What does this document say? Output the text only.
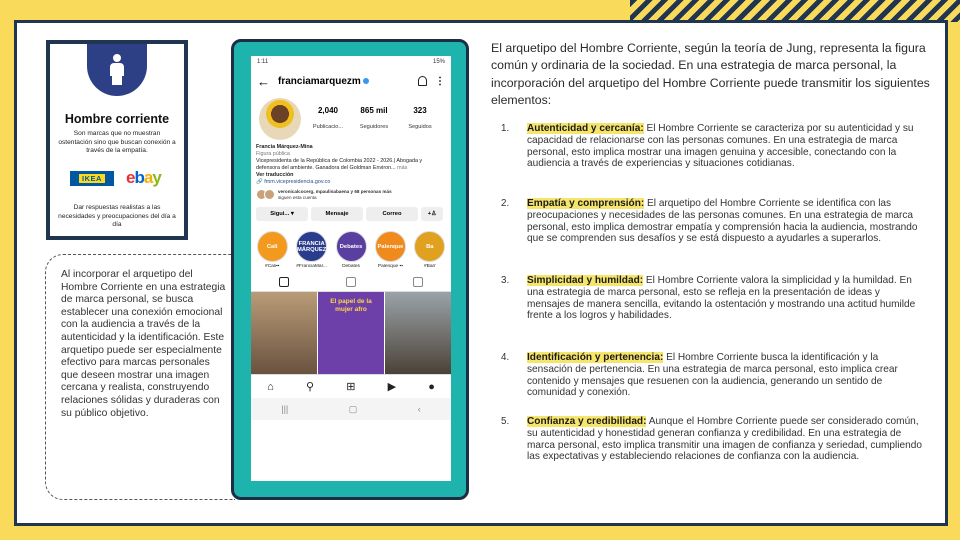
Hombre corriente
Son marcas que no muestran ostentación sino que buscan conexión a través de la empatía.
IKEA ebay
Dar respuestas realistas a las necesidades y preocupaciones del día a día

Al incorporar el arquetipo del Hombre Corriente en una estrategia de marca personal, se busca establecer una conexión emocional con la audiencia a través de la autenticidad y la identificación. Este arquetipo puede ser especialmente efectivo para marcas personales que deseen mostrar una imagen cercana y realista, construyendo relaciones sólidas y duraderas con su público objetivo.

1:11	15%
← franciamarquezm	⋮
2,040
Publicacio...
865 mil
Seguidores
323
Seguidos
Francia Márquez-Mina
Figura pública
Vicepresidenta de la República de Colombia 2022 - 2026.| Abogada y defensora del ambiente. Ganadora del Goldman Environ... más
Ver traducción
🔗 fmm.vicepresidencia.gov.co
veronicalcocerg, mpaulinabaena y 68 personas más
siguen esta cuenta
Sigui... ▾	Mensaje	Correo	+♙
Cali
#Cali▪▪
FRANCIA MÁRQUEZ
#FranciaMár...
Debates
Debates
Palenque
Palenque ▪▪
Ba
#Barr
El papel de la mujer afro
⌂	⚲	⊞	▶	●
|||	▢	‹
El arquetipo del Hombre Corriente, según la teoría de Jung, representa la figura común y ordinaria de la sociedad. En una estrategia de marca personal, la incorporación del arquetipo del Hombre Corriente puede transmitir los siguientes elementos:
1.	Autenticidad y cercanía: El Hombre Corriente se caracteriza por su autenticidad y su capacidad de relacionarse con las personas comunes. En una estrategia de marca personal, esto implica mostrar una imagen genuina y accesible, conectando con la audiencia a través de experiencias y situaciones cotidianas.

2.	Empatía y comprensión: El arquetipo del Hombre Corriente se identifica con las preocupaciones y necesidades de las personas comunes. En una estrategia de marca personal, esto implica demostrar empatía y comprensión hacia la audiencia, mostrando que se comprenden sus desafíos y se está dispuesto a ayudarles a superarlos.

3.	Simplicidad y humildad: El Hombre Corriente valora la simplicidad y la humildad. En una estrategia de marca personal, esto se refleja en la presentación de ideas y mensajes de manera sencilla, evitando la ostentación y mostrando una actitud humilde frente a los logros y habilidades.

4.	Identificación y pertenencia: El Hombre Corriente busca la identificación y la sensación de pertenencia. En una estrategia de marca personal, esto implica crear contenido y mensajes que resuenen con la audiencia, generando un sentido de comunidad y conexión.

5.	Confianza y credibilidad: Aunque el Hombre Corriente puede ser considerado común, su autenticidad y honestidad generan confianza y credibilidad. En una estrategia de marca personal, esto implica transmitir una imagen de confianza y seriedad, cumpliendo las expectativas y estableciendo relaciones de confianza con la audiencia.
